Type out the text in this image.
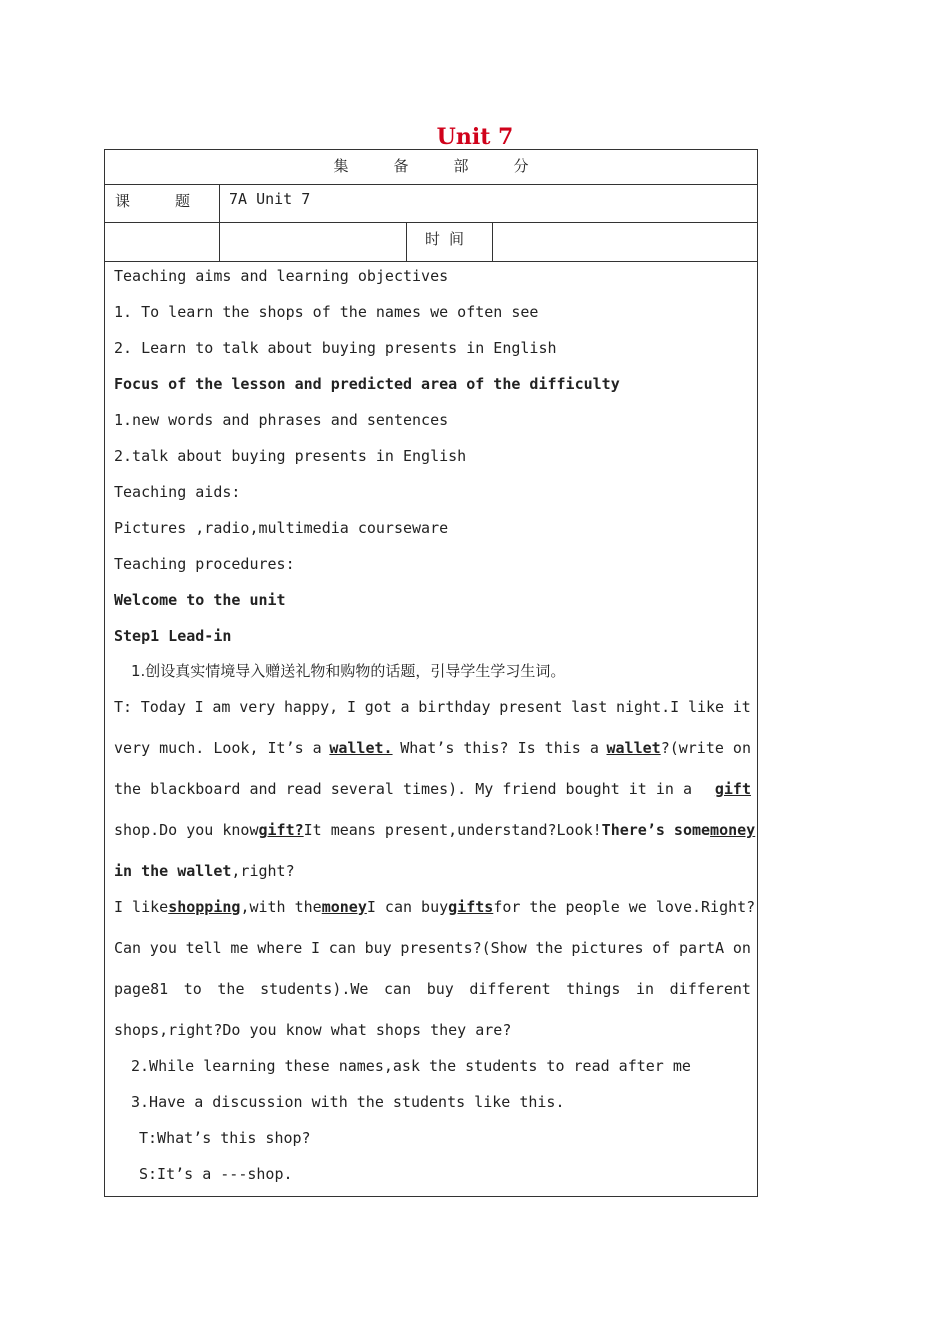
Unit 7
集　　　备　　　部　　　分
课　　　题	7A Unit 7
时 间
Teaching aims and learning objectives
1. To learn the shops of the names we often see
2. Learn to talk about buying presents in English
Focus of the lesson and predicted area of the difficulty
1.new words and phrases and sentences
2.talk about buying presents in English
Teaching aids:
Pictures ,radio,multimedia courseware
Teaching procedures:
Welcome to the unit
Step1 Lead-in
1.创设真实情境导入赠送礼物和购物的话题，引导学生学习生词。
T: Today I am very happy, I got a birthday present last night.I like it
very much. Look, It’s a wallet. What’s this? Is this a wallet?(write on
the blackboard and read several times). My friend bought it in a gift
shop.Do you know gift?It means present,understand?Look!There’s some money
in the wallet,right?
I like shopping,with the money I can buy gifts for the people we love.Right?
Can you tell me where I can buy presents?(Show the pictures of partA on
page81 to the students).We can buy different things in different
shops,right?Do you know what shops they are?
2.While learning these names,ask the students to read after me
3.Have a discussion with the students like this.
T:What’s this shop?
S:It’s a ---shop.
